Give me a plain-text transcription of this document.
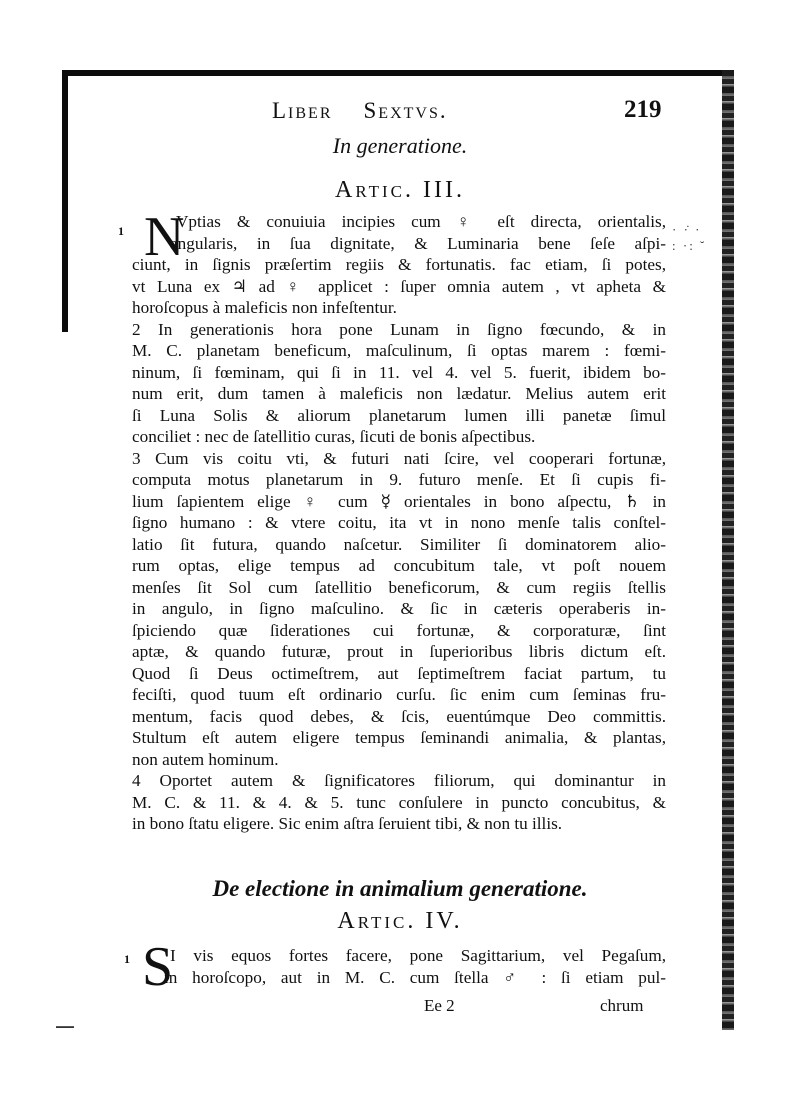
· ·̇ ·
: ·: ˘
▬▬▬
Liber Sextvs.	219
In generatione.
Artic. III.
1 N
Vptias & conuiuia incipies cum ♀ eſt directa, orientalis,
angularis, in ſua dignitate, & Luminaria bene ſeſe aſpi-
ciunt, in ſignis præſertim regiis & fortunatis. fac etiam, ſi potes,
vt Luna ex ♃ ad ♀ applicet : ſuper omnia autem , vt apheta &
horoſcopus à maleficis non infeſtentur.
2 In generationis hora pone Lunam in ſigno fœcundo, & in
M. C. planetam beneficum, maſculinum, ſi optas marem : fœmi-
ninum, ſi fœminam, qui ſi in 11. vel 4. vel 5. fuerit, ibidem bo-
num erit, dum tamen à maleficis non lædatur. Melius autem erit
ſi Luna Solis & aliorum planetarum lumen illi panetæ ſimul
conciliet : nec de ſatellitio curas, ſicuti de bonis aſpectibus.
3 Cum vis coitu vti, & futuri nati ſcire, vel cooperari fortunæ,
computa motus planetarum in 9. futuro menſe. Et ſi cupis fi-
lium ſapientem elige ♀ cum ☿ orientales in bono aſpectu, ♄ in
ſigno humano : & vtere coitu, ita vt in nono menſe talis conſtel-
latio ſit futura, quando naſcetur. Similiter ſi dominatorem alio-
rum optas, elige tempus ad concubitum tale, vt poſt nouem
menſes ſit Sol cum ſatellitio beneficorum, & cum regiis ſtellis
in angulo, in ſigno maſculino. & ſic in cæteris operaberis in-
ſpiciendo quæ ſiderationes cui fortunæ, & corporaturæ, ſint
aptæ, & quando futuræ, prout in ſuperioribus libris dictum eſt.
Quod ſi Deus octimeſtrem, aut ſeptimeſtrem faciat partum, tu
feciſti, quod tuum eſt ordinario curſu. ſic enim cum ſeminas fru-
mentum, facis quod debes, & ſcis, euentúmque Deo committis.
Stultum eſt autem eligere tempus ſeminandi animalia, & plantas,
non autem hominum.
4 Oportet autem & ſignificatores filiorum, qui dominantur in
M. C. & 11. & 4. & 5. tunc conſulere in puncto concubitus, &
in bono ſtatu eligere. Sic enim aſtra ſeruient tibi, & non tu illis.
De electione in animalium generatione.
Artic. IV.
1 S
I vis equos fortes facere, pone Sagittarium, vel Pegaſum,
in horoſcopo, aut in M. C. cum ſtella ♂ : ſi etiam pul-
Ee 2	chrum
